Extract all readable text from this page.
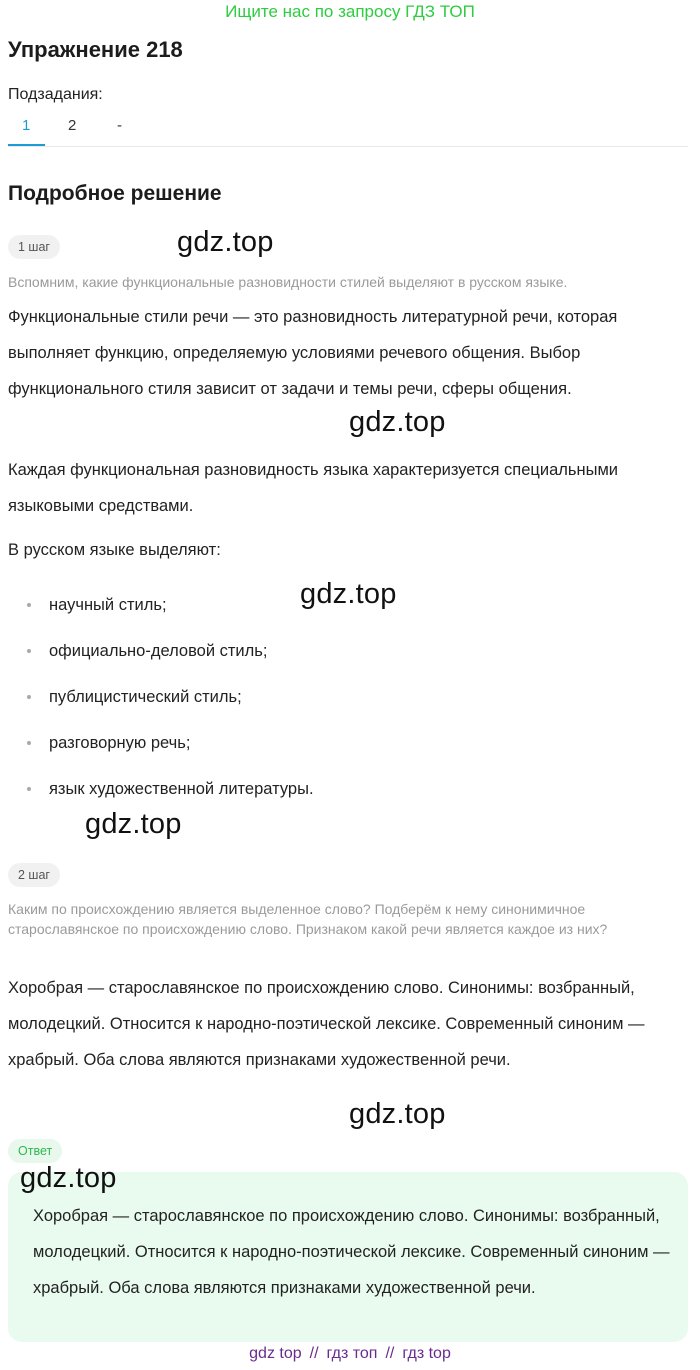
Ищите нас по запросу ГДЗ ТОП
Упражнение 218
Подзадания:
1	2	-
Подробное решение
1 шаг	gdz.top
Вспомним, какие функциональные разновидности стилей выделяют в русском языке.
Функциональные стили речи — это разновидность литературной речи, которая выполняет функцию, определяемую условиями речевого общения. Выбор функционального стиля зависит от задачи и темы речи, сферы общения.
gdz.top
Каждая функциональная разновидность языка характеризуется специальными языковыми средствами.
В русском языке выделяют:
gdz.top
научный стиль;
официально-деловой стиль;
публицистический стиль;
разговорную речь;
язык художественной литературы.
gdz.top
2 шаг
Каким по происхождению является выделенное слово? Подберём к нему синонимичное старославянское по происхождению слово. Признаком какой речи является каждое из них?
Хоробрая — старославянское по происхождению слово. Синонимы: возбранный, молодецкий. Относится к народно-поэтической лексике. Современный синоним — храбрый. Оба слова являются признаками художественной речи.
gdz.top
Ответ
gdz.top
Хоробрая — старославянское по происхождению слово. Синонимы: возбранный, молодецкий. Относится к народно-поэтической лексике. Современный синоним — храбрый. Оба слова являются признаками художественной речи.
gdz top // гдз топ // гдз top
